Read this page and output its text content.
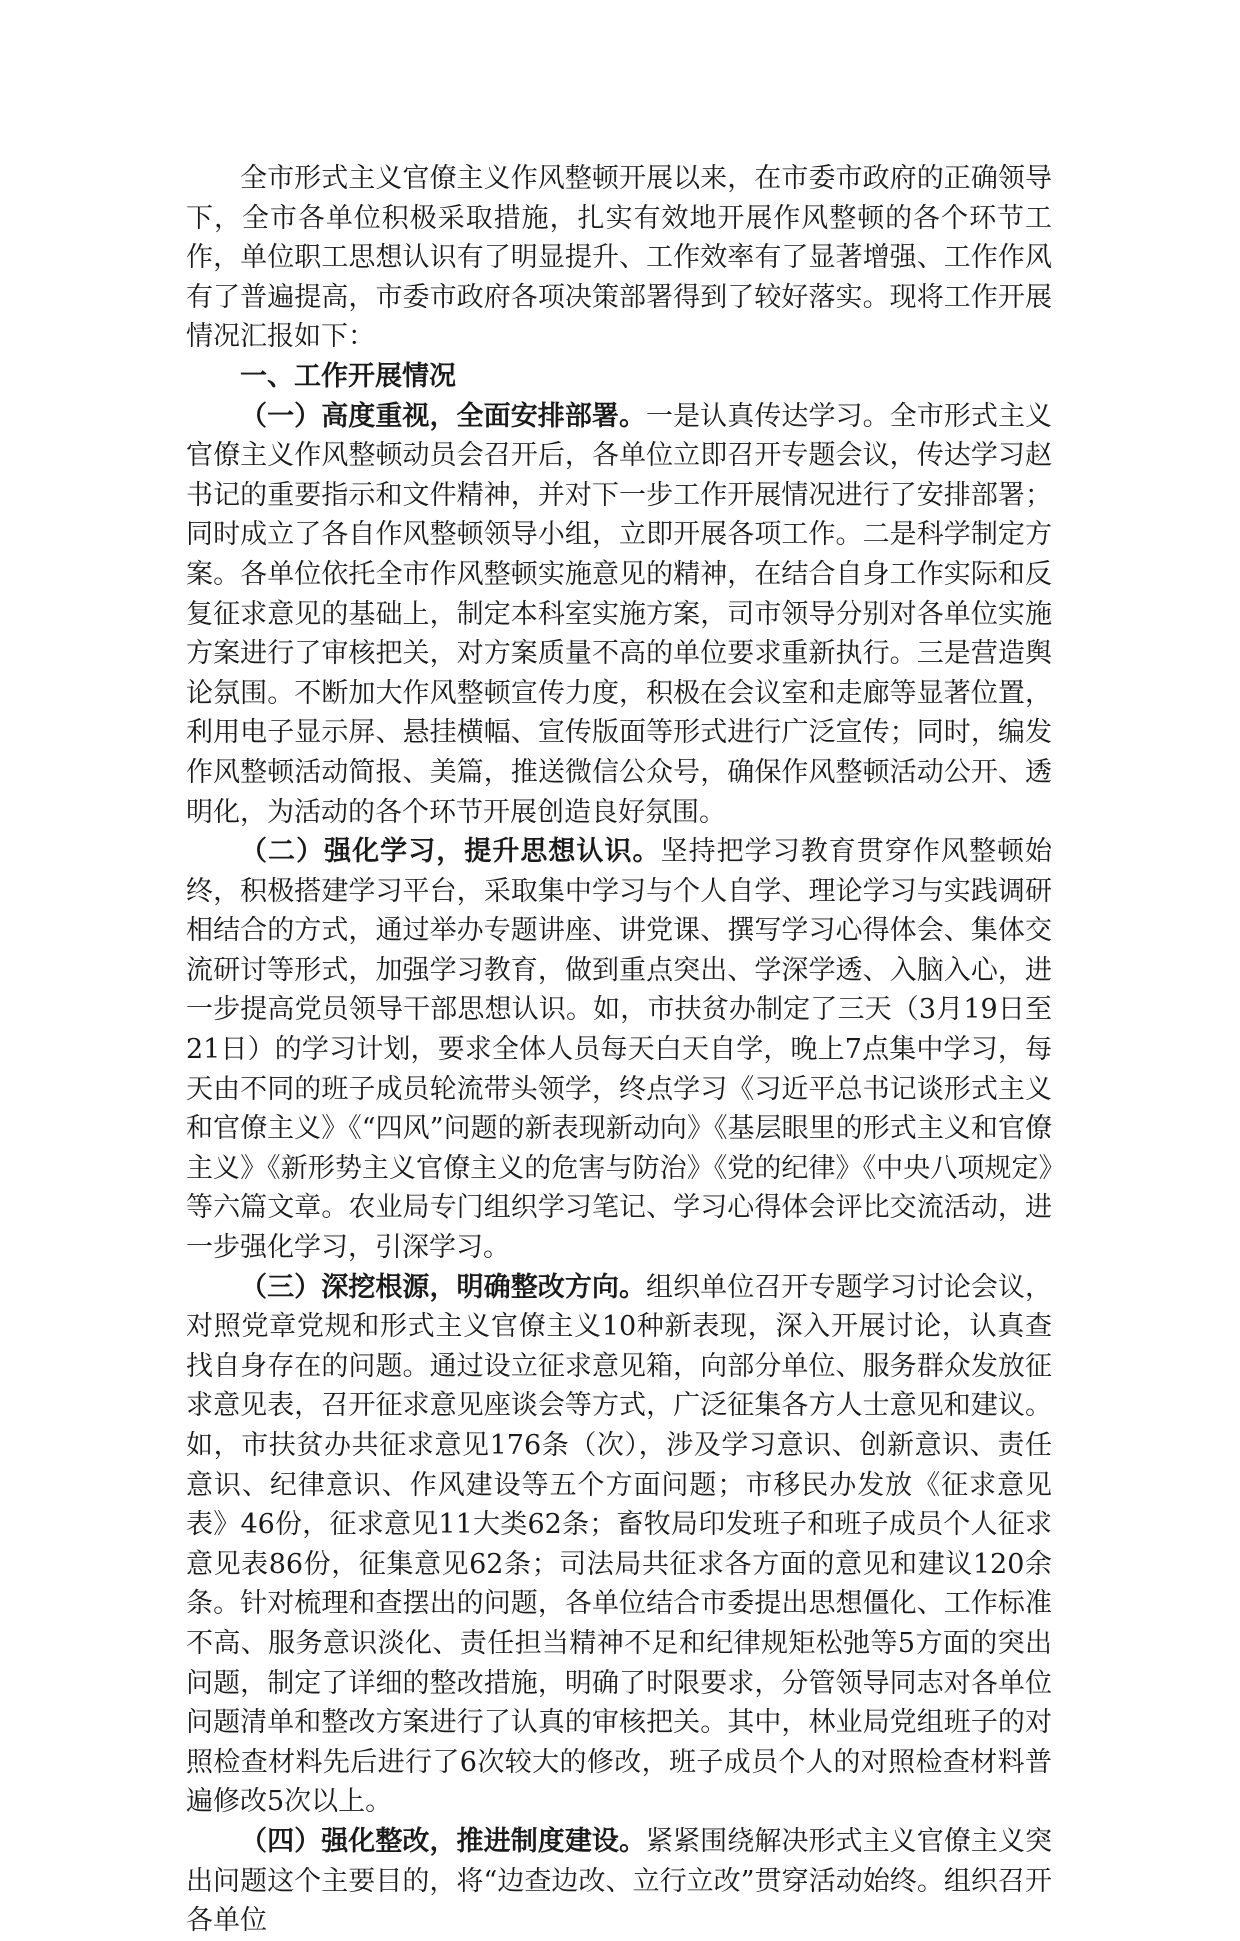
全市形式主义官僚主义作风整顿开展以来，在市委市政府的正确领导下，全市各单位积极采取措施，扎实有效地开展作风整顿的各个环节工作，单位职工思想认识有了明显提升、工作效率有了显著增强、工作作风有了普遍提高，市委市政府各项决策部署得到了较好落实。现将工作开展情况汇报如下：

一、工作开展情况

（一）高度重视，全面安排部署。一是认真传达学习。全市形式主义官僚主义作风整顿动员会召开后，各单位立即召开专题会议，传达学习赵书记的重要指示和文件精神，并对下一步工作开展情况进行了安排部署；同时成立了各自作风整顿领导小组，立即开展各项工作。二是科学制定方案。各单位依托全市作风整顿实施意见的精神，在结合自身工作实际和反复征求意见的基础上，制定本科室实施方案，司市领导分别对各单位实施方案进行了审核把关，对方案质量不高的单位要求重新执行。三是营造舆论氛围。不断加大作风整顿宣传力度，积极在会议室和走廊等显著位置，利用电子显示屏、悬挂横幅、宣传版面等形式进行广泛宣传；同时，编发作风整顿活动简报、美篇，推送微信公众号，确保作风整顿活动公开、透明化，为活动的各个环节开展创造良好氛围。

（二）强化学习，提升思想认识。坚持把学习教育贯穿作风整顿始终，积极搭建学习平台，采取集中学习与个人自学、理论学习与实践调研相结合的方式，通过举办专题讲座、讲党课、撰写学习心得体会、集体交流研讨等形式，加强学习教育，做到重点突出、学深学透、入脑入心，进一步提高党员领导干部思想认识。如，市扶贫办制定了三天（3月19日至21日）的学习计划，要求全体人员每天白天自学，晚上7点集中学习，每天由不同的班子成员轮流带头领学，终点学习《习近平总书记谈形式主义和官僚主义》《“四风”问题的新表现新动向》《基层眼里的形式主义和官僚主义》《新形势主义官僚主义的危害与防治》《党的纪律》《中央八项规定》等六篇文章。农业局专门组织学习笔记、学习心得体会评比交流活动，进一步强化学习，引深学习。

（三）深挖根源，明确整改方向。组织单位召开专题学习讨论会议，对照党章党规和形式主义官僚主义10种新表现，深入开展讨论，认真查找自身存在的问题。通过设立征求意见箱，向部分单位、服务群众发放征求意见表，召开征求意见座谈会等方式，广泛征集各方人士意见和建议。如，市扶贫办共征求意见176条（次），涉及学习意识、创新意识、责任意识、纪律意识、作风建设等五个方面问题；市移民办发放《征求意见表》46份，征求意见11大类62条；畜牧局印发班子和班子成员个人征求意见表86份，征集意见62条；司法局共征求各方面的意见和建议120余条。针对梳理和查摆出的问题，各单位结合市委提出思想僵化、工作标准不高、服务意识淡化、责任担当精神不足和纪律规矩松弛等5方面的突出问题，制定了详细的整改措施，明确了时限要求，分管领导同志对各单位问题清单和整改方案进行了认真的审核把关。其中，林业局党组班子的对照检查材料先后进行了6次较大的修改，班子成员个人的对照检查材料普遍修改5次以上。

（四）强化整改，推进制度建设。紧紧围绕解决形式主义官僚主义突出问题这个主要目的，将“边查边改、立行立改”贯穿活动始终。组织召开各单位
